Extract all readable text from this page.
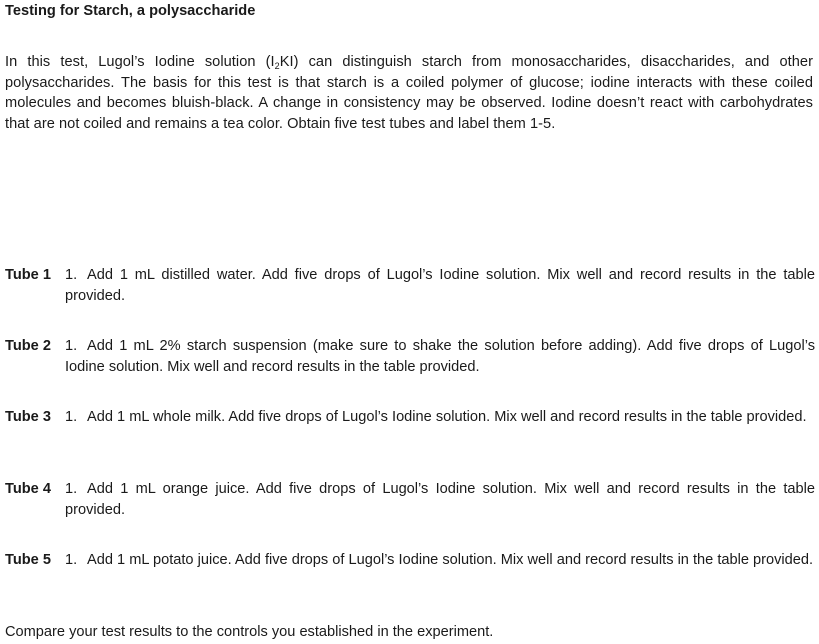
Testing for Starch, a polysaccharide
In this test, Lugol’s Iodine solution $(I_2KI)$ can distinguish starch from monosaccharides, disaccharides, and other polysaccharides. The basis for this test is that starch is a coiled polymer of glucose; iodine interacts with these coiled molecules and becomes bluish-black. A change in consistency may be observed. Iodine doesn’t react with carbohydrates that are not coiled and remains a tea color. Obtain five test tubes and label them 1-5.
Tube 1 1. Add 1 mL distilled water. Add five drops of Lugol’s Iodine solution. Mix well and record results in the table provided.
Tube 2 1. Add 1 mL 2% starch suspension (make sure to shake the solution before adding). Add five drops of Lugol’s Iodine solution. Mix well and record results in the table provided.
Tube 3 1. Add 1 mL whole milk. Add five drops of Lugol’s Iodine solution. Mix well and record results in the table provided.
Tube 4 1. Add 1 mL orange juice. Add five drops of Lugol’s Iodine solution. Mix well and record results in the table provided.
Tube 5 1. Add 1 mL potato juice. Add five drops of Lugol’s Iodine solution. Mix well and record results in the table provided.
Compare your test results to the controls you established in the experiment.
